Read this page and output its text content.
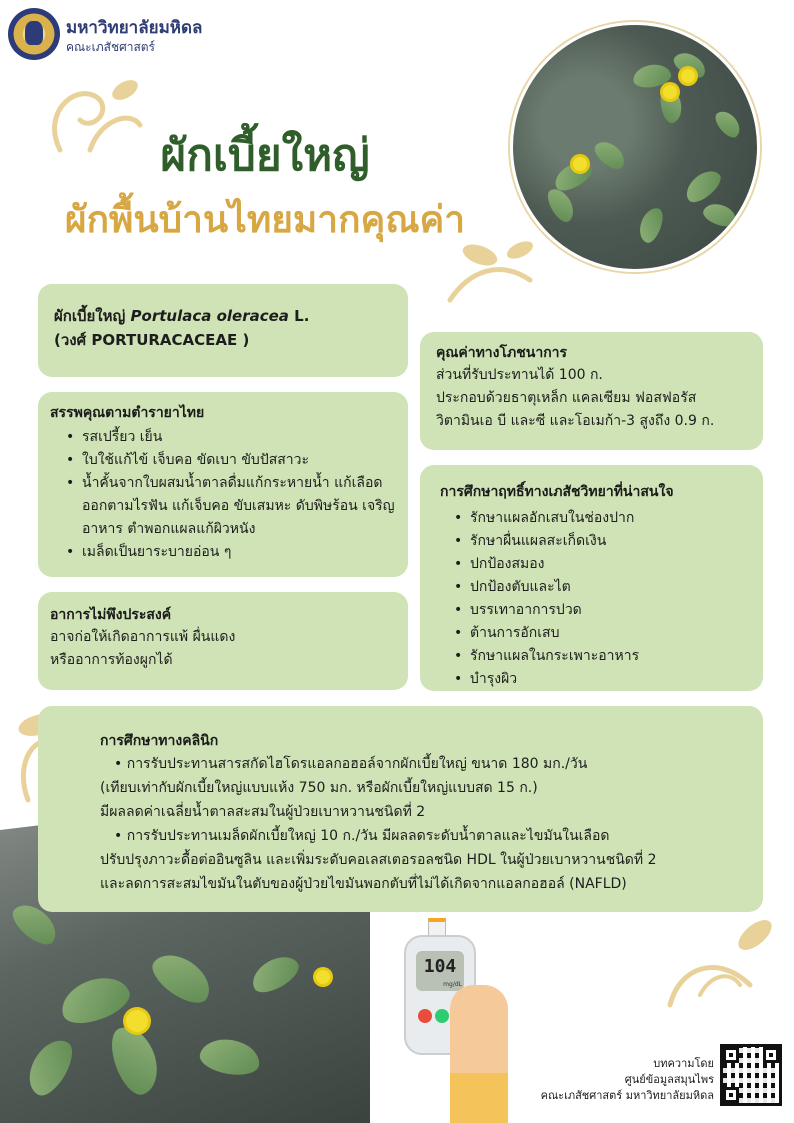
มหาวิทยาลัยมหิดล
คณะเภสัชศาสตร์
ผักเบี้ยใหญ่
ผักพื้นบ้านไทยมากคุณค่า
ผักเบี้ยใหญ่ Portulaca oleracea L.
(วงศ์ PORTURACACEAE )
คุณค่าทางโภชนาการ

ส่วนที่รับประทานได้ 100 ก.

ประกอบด้วยธาตุเหล็ก แคลเซียม ฟอสฟอรัส

วิตามินเอ บี และซี และโอเมก้า-3 สูงถึง 0.9 ก.

สรรพคุณตามตำรายาไทย
• รสเปรี้ยว เย็น
• ใบใช้แก้ไข้ เจ็บคอ ขัดเบา ขับปัสสาวะ
• น้ำคั้นจากใบผสมน้ำตาลดื่มแก้กระหายน้ำ แก้เลือดออกตามไรฟัน แก้เจ็บคอ ขับเสมหะ ดับพิษร้อน เจริญอาหาร ตำพอกแผลแก้ผิวหนัง
• เมล็ดเป็นยาระบายอ่อน ๆ
การศึกษาฤทธิ์ทางเภสัชวิทยาที่น่าสนใจ
• รักษาแผลอักเสบในช่องปาก
• รักษาผื่นแผลสะเก็ดเงิน
• ปกป้องสมอง
• ปกป้องตับและไต
• บรรเทาอาการปวด
• ต้านการอักเสบ
• รักษาแผลในกระเพาะอาหาร
• บำรุงผิว
อาการไม่พึงประสงค์

อาจก่อให้เกิดอาการแพ้ ผื่นแดง

หรืออาการท้องผูกได้

การศึกษาทางคลินิก

• การรับประทานสารสกัดไฮโดรแอลกอฮอล์จากผักเบี้ยใหญ่ ขนาด 180 มก./วัน

(เทียบเท่ากับผักเบี้ยใหญ่แบบแห้ง 750 มก. หรือผักเบี้ยใหญ่แบบสด 15 ก.)

มีผลลดค่าเฉลี่ยน้ำตาลสะสมในผู้ป่วยเบาหวานชนิดที่ 2

• การรับประทานเมล็ดผักเบี้ยใหญ่ 10 ก./วัน มีผลลดระดับน้ำตาลและไขมันในเลือด

ปรับปรุงภาวะดื้อต่ออินซูลิน และเพิ่มระดับคอเลสเตอรอลชนิด HDL ในผู้ป่วยเบาหวานชนิดที่ 2

และลดการสะสมไขมันในตับของผู้ป่วยไขมันพอกตับที่ไม่ได้เกิดจากแอลกอฮอล์ (NAFLD)

104
mg/dL
บทความโดย
ศูนย์ข้อมูลสมุนไพร
คณะเภสัชศาสตร์ มหาวิทยาลัยมหิดล
